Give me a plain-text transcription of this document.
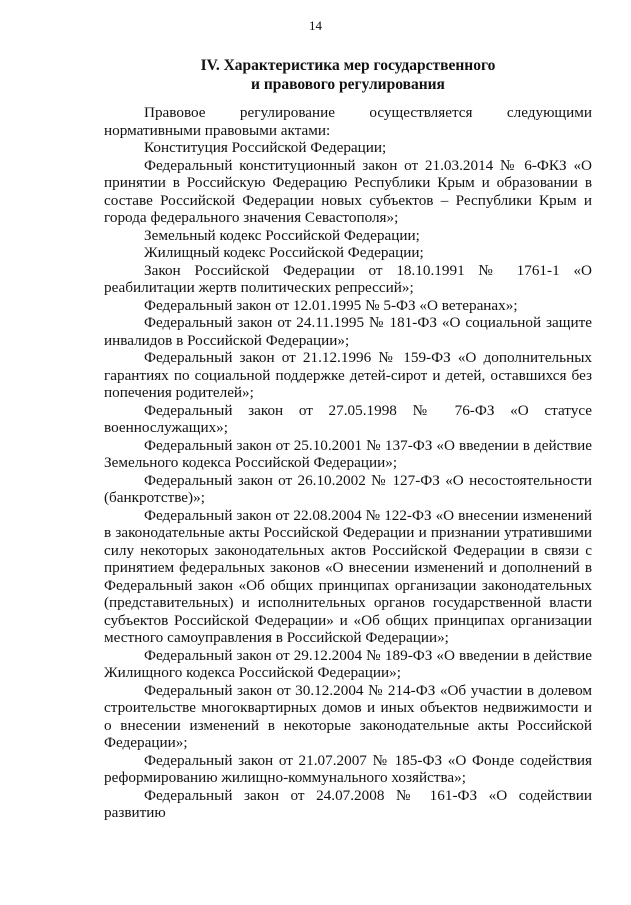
14
IV. Характеристика мер государственного
и правового регулирования

Правовое регулирование осуществляется следующими нормативными правовыми актами:

Конституция Российской Федерации;

Федеральный конституционный закон от 21.03.2014 № 6-ФКЗ «О принятии в Российскую Федерацию Республики Крым и образовании в составе Российской Федерации новых субъектов – Республики Крым и города федерального значения Севастополя»;

Земельный кодекс Российской Федерации;

Жилищный кодекс Российской Федерации;

Закон Российской Федерации от 18.10.1991 № 1761-1 «О реабилитации жертв политических репрессий»;

Федеральный закон от 12.01.1995 № 5-ФЗ «О ветеранах»;

Федеральный закон от 24.11.1995 № 181-ФЗ «О социальной защите инвалидов в Российской Федерации»;

Федеральный закон от 21.12.1996 № 159-ФЗ «О дополнительных гарантиях по социальной поддержке детей-сирот и детей, оставшихся без попечения родителей»;

Федеральный закон от 27.05.1998 № 76-ФЗ «О статусе военнослужащих»;

Федеральный закон от 25.10.2001 № 137-ФЗ «О введении в действие Земельного кодекса Российской Федерации»;

Федеральный закон от 26.10.2002 № 127-ФЗ «О несостоятельности (банкротстве)»;

Федеральный закон от 22.08.2004 № 122-ФЗ «О внесении изменений в законодательные акты Российской Федерации и признании утратившими силу некоторых законодательных актов Российской Федерации в связи с принятием федеральных законов «О внесении изменений и дополнений в Федеральный закон «Об общих принципах организации законодательных (представительных) и исполнительных органов государственной власти субъектов Российской Федерации» и «Об общих принципах организации местного самоуправления в Российской Федерации»;

Федеральный закон от 29.12.2004 № 189-ФЗ «О введении в действие Жилищного кодекса Российской Федерации»;

Федеральный закон от 30.12.2004 № 214-ФЗ «Об участии в долевом строительстве многоквартирных домов и иных объектов недвижимости и о внесении изменений в некоторые законодательные акты Российской Федерации»;

Федеральный закон от 21.07.2007 № 185-ФЗ «О Фонде содействия реформированию жилищно-коммунального хозяйства»;

Федеральный закон от 24.07.2008 № 161-ФЗ «О содействии развитию
